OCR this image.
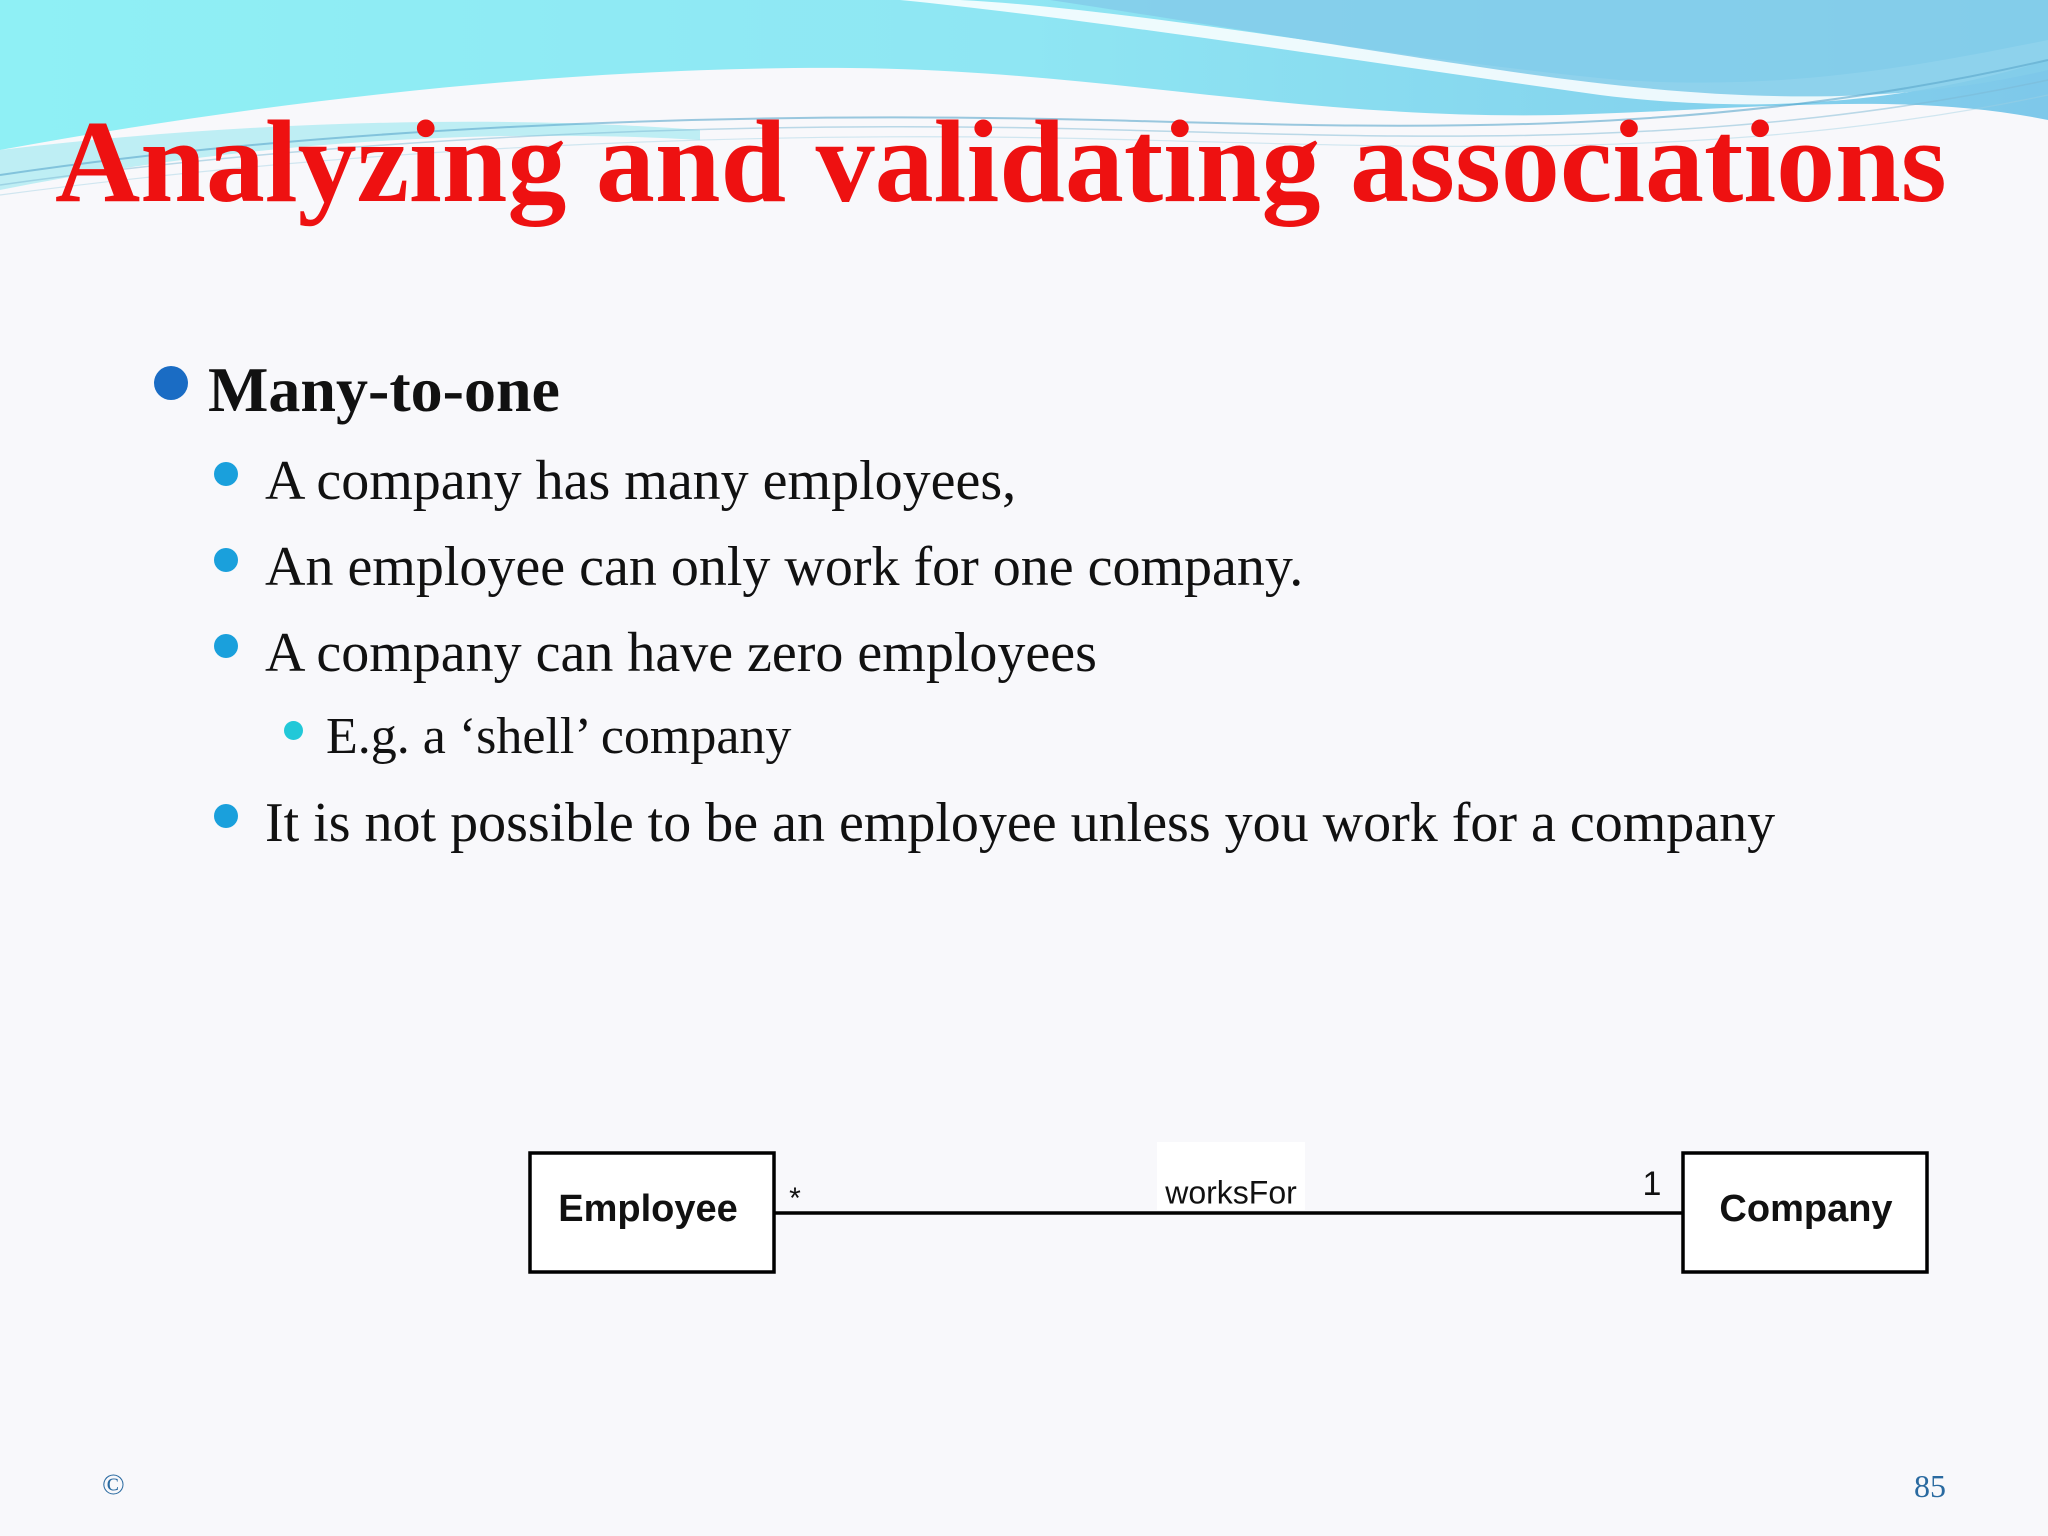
Analyzing and validating associations
Many-to-one
A company has many employees,
An employee can only work for one company.
A company can have zero employees
E.g. a ‘shell’ company
It is not possible to be an employee unless you work for a company
Employee	Company
worksFor
*	1
©	85
